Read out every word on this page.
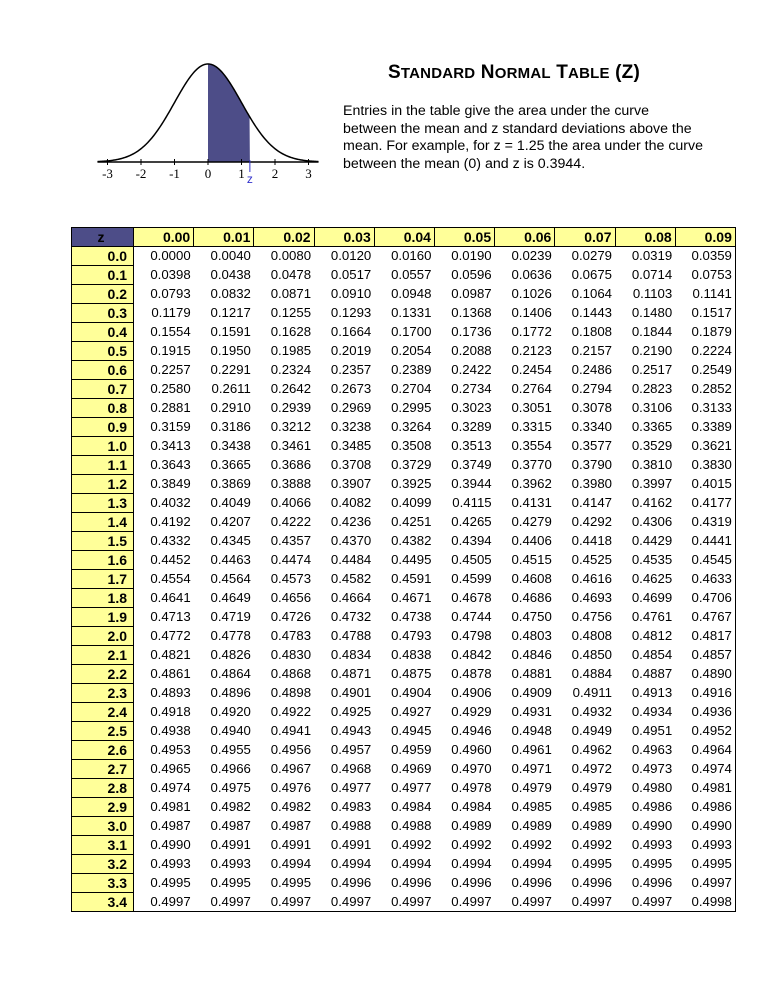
-3 -2 -1 0 1 2 3
z
STANDARD NORMAL TABLE (Z)
Entries in the table give the area under the curve between the mean and z standard deviations above the mean. For example, for z = 1.25 the area under the curve between the mean (0) and z is 0.3944.
z	0.00	0.01	0.02	0.03	0.04	0.05	0.06	0.07	0.08	0.09
0.0	0.0000	0.0040	0.0080	0.0120	0.0160	0.0190	0.0239	0.0279	0.0319	0.0359
0.1	0.0398	0.0438	0.0478	0.0517	0.0557	0.0596	0.0636	0.0675	0.0714	0.0753
0.2	0.0793	0.0832	0.0871	0.0910	0.0948	0.0987	0.1026	0.1064	0.1103	0.1141
0.3	0.1179	0.1217	0.1255	0.1293	0.1331	0.1368	0.1406	0.1443	0.1480	0.1517
0.4	0.1554	0.1591	0.1628	0.1664	0.1700	0.1736	0.1772	0.1808	0.1844	0.1879
0.5	0.1915	0.1950	0.1985	0.2019	0.2054	0.2088	0.2123	0.2157	0.2190	0.2224
0.6	0.2257	0.2291	0.2324	0.2357	0.2389	0.2422	0.2454	0.2486	0.2517	0.2549
0.7	0.2580	0.2611	0.2642	0.2673	0.2704	0.2734	0.2764	0.2794	0.2823	0.2852
0.8	0.2881	0.2910	0.2939	0.2969	0.2995	0.3023	0.3051	0.3078	0.3106	0.3133
0.9	0.3159	0.3186	0.3212	0.3238	0.3264	0.3289	0.3315	0.3340	0.3365	0.3389
1.0	0.3413	0.3438	0.3461	0.3485	0.3508	0.3513	0.3554	0.3577	0.3529	0.3621
1.1	0.3643	0.3665	0.3686	0.3708	0.3729	0.3749	0.3770	0.3790	0.3810	0.3830
1.2	0.3849	0.3869	0.3888	0.3907	0.3925	0.3944	0.3962	0.3980	0.3997	0.4015
1.3	0.4032	0.4049	0.4066	0.4082	0.4099	0.4115	0.4131	0.4147	0.4162	0.4177
1.4	0.4192	0.4207	0.4222	0.4236	0.4251	0.4265	0.4279	0.4292	0.4306	0.4319
1.5	0.4332	0.4345	0.4357	0.4370	0.4382	0.4394	0.4406	0.4418	0.4429	0.4441
1.6	0.4452	0.4463	0.4474	0.4484	0.4495	0.4505	0.4515	0.4525	0.4535	0.4545
1.7	0.4554	0.4564	0.4573	0.4582	0.4591	0.4599	0.4608	0.4616	0.4625	0.4633
1.8	0.4641	0.4649	0.4656	0.4664	0.4671	0.4678	0.4686	0.4693	0.4699	0.4706
1.9	0.4713	0.4719	0.4726	0.4732	0.4738	0.4744	0.4750	0.4756	0.4761	0.4767
2.0	0.4772	0.4778	0.4783	0.4788	0.4793	0.4798	0.4803	0.4808	0.4812	0.4817
2.1	0.4821	0.4826	0.4830	0.4834	0.4838	0.4842	0.4846	0.4850	0.4854	0.4857
2.2	0.4861	0.4864	0.4868	0.4871	0.4875	0.4878	0.4881	0.4884	0.4887	0.4890
2.3	0.4893	0.4896	0.4898	0.4901	0.4904	0.4906	0.4909	0.4911	0.4913	0.4916
2.4	0.4918	0.4920	0.4922	0.4925	0.4927	0.4929	0.4931	0.4932	0.4934	0.4936
2.5	0.4938	0.4940	0.4941	0.4943	0.4945	0.4946	0.4948	0.4949	0.4951	0.4952
2.6	0.4953	0.4955	0.4956	0.4957	0.4959	0.4960	0.4961	0.4962	0.4963	0.4964
2.7	0.4965	0.4966	0.4967	0.4968	0.4969	0.4970	0.4971	0.4972	0.4973	0.4974
2.8	0.4974	0.4975	0.4976	0.4977	0.4977	0.4978	0.4979	0.4979	0.4980	0.4981
2.9	0.4981	0.4982	0.4982	0.4983	0.4984	0.4984	0.4985	0.4985	0.4986	0.4986
3.0	0.4987	0.4987	0.4987	0.4988	0.4988	0.4989	0.4989	0.4989	0.4990	0.4990
3.1	0.4990	0.4991	0.4991	0.4991	0.4992	0.4992	0.4992	0.4992	0.4993	0.4993
3.2	0.4993	0.4993	0.4994	0.4994	0.4994	0.4994	0.4994	0.4995	0.4995	0.4995
3.3	0.4995	0.4995	0.4995	0.4996	0.4996	0.4996	0.4996	0.4996	0.4996	0.4997
3.4	0.4997	0.4997	0.4997	0.4997	0.4997	0.4997	0.4997	0.4997	0.4997	0.4998
